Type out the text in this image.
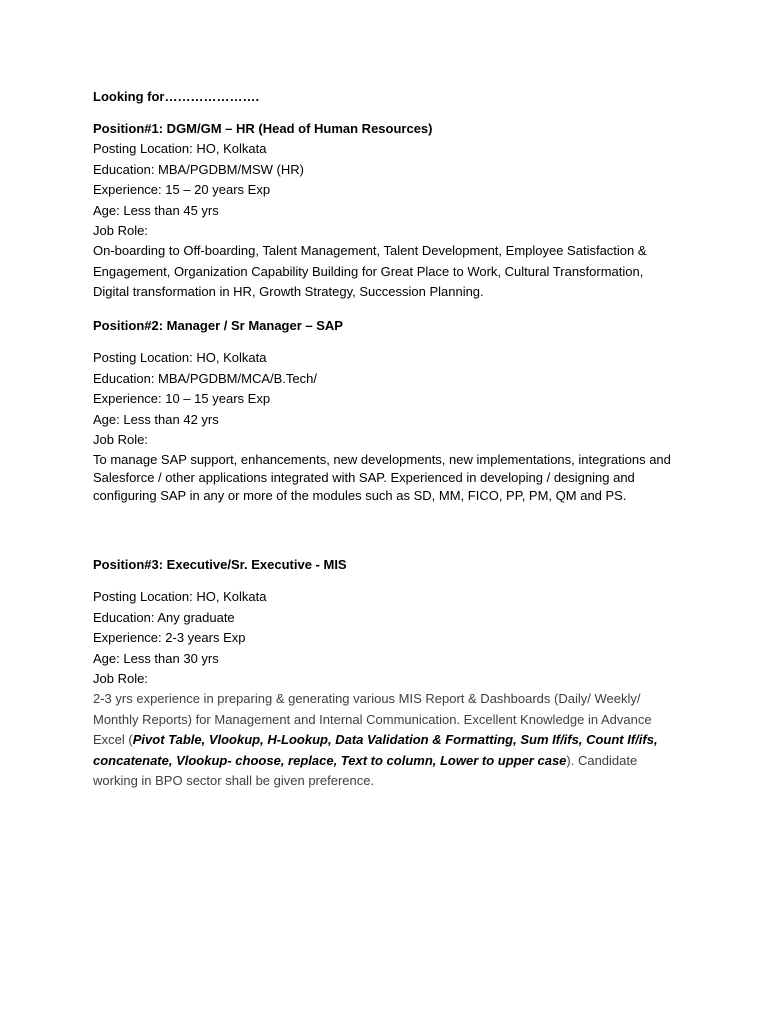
Looking for………………….
Position#1: DGM/GM – HR (Head of Human Resources)
Posting Location: HO, Kolkata
Education: MBA/PGDBM/MSW (HR)
Experience: 15 – 20 years Exp
Age: Less than 45 yrs
Job Role:
On-boarding to Off-boarding, Talent Management, Talent Development, Employee Satisfaction & Engagement, Organization Capability Building for Great Place to Work, Cultural Transformation, Digital transformation in HR, Growth Strategy, Succession Planning.
Position#2: Manager / Sr Manager – SAP
Posting Location: HO, Kolkata
Education: MBA/PGDBM/MCA/B.Tech/
Experience: 10 – 15 years Exp
Age: Less than 42 yrs
Job Role:
To manage SAP support, enhancements, new developments, new implementations, integrations and Salesforce / other applications integrated with SAP. Experienced in developing / designing and configuring SAP in any or more of the modules such as SD, MM, FICO, PP, PM, QM and PS.
Position#3: Executive/Sr. Executive - MIS
Posting Location: HO, Kolkata
Education: Any graduate
Experience: 2-3 years Exp
Age: Less than 30 yrs
Job Role:
2-3 yrs experience in preparing & generating various MIS Report & Dashboards (Daily/ Weekly/ Monthly Reports) for Management and Internal Communication. Excellent Knowledge in Advance Excel (Pivot Table, Vlookup, H-Lookup, Data Validation & Formatting, Sum If/ifs, Count If/ifs, concatenate, Vlookup- choose, replace, Text to column, Lower to upper case). Candidate working in BPO sector shall be given preference.
